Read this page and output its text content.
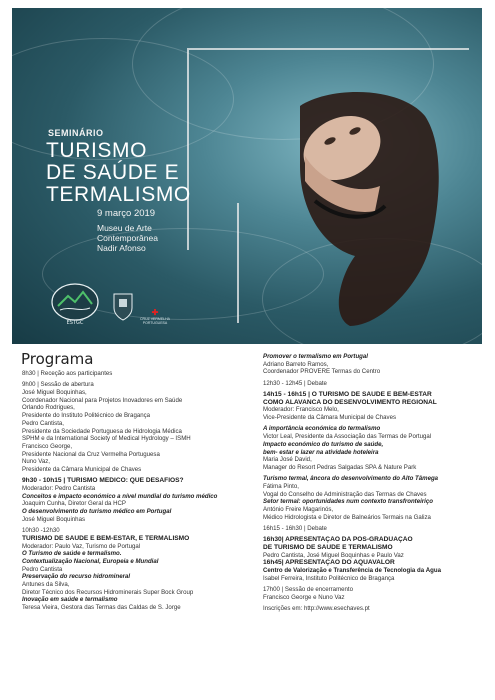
SEMINÁRIO
TURISMO
DE SAÚDE E
TERMALISMO
9 março 2019
Museu de Arte
Contemporânea
Nadir Afonso
ESTGC
✚
CRUZ VERMELHA PORTUGUESA
Programa
8h30 | Receção aos participantes
9h00 | Sessão de abertura
José Miguel Boquinhas,
Coordenador Nacional para Projetos Inovadores em Saúde
Orlando Rodrigues,
Presidente do Instituto Politécnico de Bragança
Pedro Cantista,
Presidente da Sociedade Portuguesa de Hidrologia Médica
SPHM e da International Society of Medical Hydrology – ISMH
Francisco George,
Presidente Nacional da Cruz Vermelha Portuguesa
Nuno Vaz,
Presidente da Câmara Municipal de Chaves
9h30 - 10h15 | TURISMO MÉDICO: QUE DESAFIOS?
Moderador: Pedro Cantista
Conceitos e impacto económico a nível mundial do turismo médico
Joaquim Cunha, Diretor Geral da HCP
O desenvolvimento do turismo médico em Portugal
José Miguel Boquinhas
10h30 -12h30
TURISMO DE SAÚDE E BEM-ESTAR, E TERMALISMO
Moderador: Paulo Vaz, Turismo de Portugal
O Turismo de saúde e termalismo.
Contextualização Nacional, Europeia e Mundial
Pedro Cantista
Preservação do recurso hidromineral
Antunes da Silva,
Diretor Técnico dos Recursos Hidrominerais Super Bock Group
Inovação em saúde e termalismo
Teresa Vieira, Gestora das Termas das Caldas de S. Jorge
Promover o termalismo em Portugal
Adriano Barreto Ramos,
Coordenador PROVERE Termas do Centro
12h30 - 12h45 | Debate
14h15 - 16h15 | O TURISMO DE SAÚDE E BEM-ESTAR
COMO ALAVANCA DO DESENVOLVIMENTO REGIONAL
Moderador: Francisco Melo,
Vice-Presidente da Câmara Municipal de Chaves
A importância económica do termalismo
Victor Leal, Presidente da Associação das Termas de Portugal
Impacto económico do turismo de saúde,
bem- estar e lazer na atividade hoteleira
Maria José David,
Manager do Resort Pedras Salgadas SPA & Nature Park
Turismo termal, âncora do desenvolvimento do Alto Tâmega
Fátima Pinto,
Vogal do Conselho de Administração das Termas de Chaves
Setor termal: oportunidades num contexto transfronteiriço
António Freire Magarinós,
Médico Hidrologista e Diretor de Balneários Termais na Galiza
16h15 - 16h30 | Debate
16h30| APRESENTAÇÃO DA PÓS-GRADUAÇÃO
DE TURISMO DE SAÚDE E TERMALISMO
Pedro Cantista, José Miguel Boquinhas e Paulo Vaz
16h45| APRESENTAÇÃO DO AQUAVALOR
Centro de Valorização e Transferência de Tecnologia da Água
Isabel Ferreira, Instituto Politécnico de Bragança
17h00 | Sessão de encerramento
Francisco George e Nuno Vaz
Inscrições em: http://www.esechaves.pt
